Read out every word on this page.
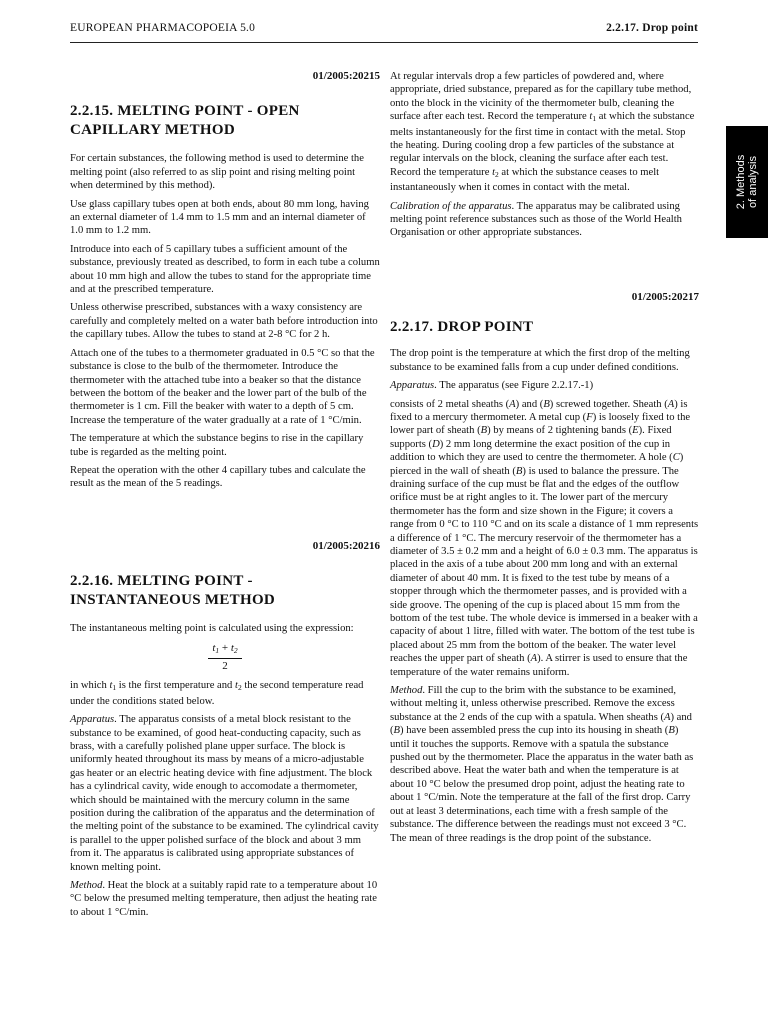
EUROPEAN PHARMACOPOEIA 5.0	2.2.17. Drop point
2. Methods
of analysis

01/2005:20215

2.2.15. MELTING POINT - OPEN
CAPILLARY METHOD

For certain substances, the following method is used to determine the melting point (also referred to as slip point and rising melting point when determined by this method).

Use glass capillary tubes open at both ends, about 80 mm long, having an external diameter of 1.4 mm to 1.5 mm and an internal diameter of 1.0 mm to 1.2 mm.

Introduce into each of 5 capillary tubes a sufficient amount of the substance, previously treated as described, to form in each tube a column about 10 mm high and allow the tubes to stand for the appropriate time and at the prescribed temperature.

Unless otherwise prescribed, substances with a waxy consistency are carefully and completely melted on a water bath before introduction into the capillary tubes. Allow the tubes to stand at 2-8 °C for 2 h.

Attach one of the tubes to a thermometer graduated in 0.5 °C so that the substance is close to the bulb of the thermometer. Introduce the thermometer with the attached tube into a beaker so that the distance between the bottom of the beaker and the lower part of the bulb of the thermometer is 1 cm. Fill the beaker with water to a depth of 5 cm. Increase the temperature of the water gradually at a rate of 1 °C/min.

The temperature at which the substance begins to rise in the capillary tube is regarded as the melting point.

Repeat the operation with the other 4 capillary tubes and calculate the result as the mean of the 5 readings.

01/2005:20216

2.2.16. MELTING POINT -
INSTANTANEOUS METHOD

The instantaneous melting point is calculated using the expression:

$\frac{t_1 + t_2}{2}$

in which $t_1$ is the first temperature and $t_2$ the second temperature read under the conditions stated below.

Apparatus. The apparatus consists of a metal block resistant to the substance to be examined, of good heat-conducting capacity, such as brass, with a carefully polished plane upper surface. The block is uniformly heated throughout its mass by means of a micro-adjustable gas heater or an electric heating device with fine adjustment. The block has a cylindrical cavity, wide enough to accomodate a thermometer, which should be maintained with the mercury column in the same position during the calibration of the apparatus and the determination of the melting point of the substance to be examined. The cylindrical cavity is parallel to the upper polished surface of the block and about 3 mm from it. The apparatus is calibrated using appropriate substances of known melting point.

Method. Heat the block at a suitably rapid rate to a temperature about 10 °C below the presumed melting temperature, then adjust the heating rate to about 1 °C/min.

At regular intervals drop a few particles of powdered and, where appropriate, dried substance, prepared as for the capillary tube method, onto the block in the vicinity of the thermometer bulb, cleaning the surface after each test. Record the temperature $t_1$ at which the substance melts instantaneously for the first time in contact with the metal. Stop the heating. During cooling drop a few particles of the substance at regular intervals on the block, cleaning the surface after each test. Record the temperature $t_2$ at which the substance ceases to melt instantaneously when it comes in contact with the metal.

Calibration of the apparatus. The apparatus may be calibrated using melting point reference substances such as those of the World Health Organisation or other appropriate substances.

01/2005:20217

2.2.17. DROP POINT

The drop point is the temperature at which the first drop of the melting substance to be examined falls from a cup under defined conditions.

Apparatus. The apparatus (see Figure 2.2.17.-1)

consists of 2 metal sheaths (A) and (B) screwed together. Sheath (A) is fixed to a mercury thermometer. A metal cup (F) is loosely fixed to the lower part of sheath (B) by means of 2 tightening bands (E). Fixed supports (D) 2 mm long determine the exact position of the cup in addition to which they are used to centre the thermometer. A hole (C) pierced in the wall of sheath (B) is used to balance the pressure. The draining surface of the cup must be flat and the edges of the outflow orifice must be at right angles to it. The lower part of the mercury thermometer has the form and size shown in the Figure; it covers a range from 0 °C to 110 °C and on its scale a distance of 1 mm represents a difference of 1 °C. The mercury reservoir of the thermometer has a diameter of 3.5 ± 0.2 mm and a height of 6.0 ± 0.3 mm. The apparatus is placed in the axis of a tube about 200 mm long and with an external diameter of about 40 mm. It is fixed to the test tube by means of a stopper through which the thermometer passes, and is provided with a side groove. The opening of the cup is placed about 15 mm from the bottom of the test tube. The whole device is immersed in a beaker with a capacity of about 1 litre, filled with water. The bottom of the test tube is placed about 25 mm from the bottom of the beaker. The water level reaches the upper part of sheath (A). A stirrer is used to ensure that the temperature of the water remains uniform.

Method. Fill the cup to the brim with the substance to be examined, without melting it, unless otherwise prescribed. Remove the excess substance at the 2 ends of the cup with a spatula. When sheaths (A) and (B) have been assembled press the cup into its housing in sheath (B) until it touches the supports. Remove with a spatula the substance pushed out by the thermometer. Place the apparatus in the water bath as described above. Heat the water bath and when the temperature is at about 10 °C below the presumed drop point, adjust the heating rate to about 1 °C/min. Note the temperature at the fall of the first drop. Carry out at least 3 determinations, each time with a fresh sample of the substance. The difference between the readings must not exceed 3 °C. The mean of three readings is the drop point of the substance.
